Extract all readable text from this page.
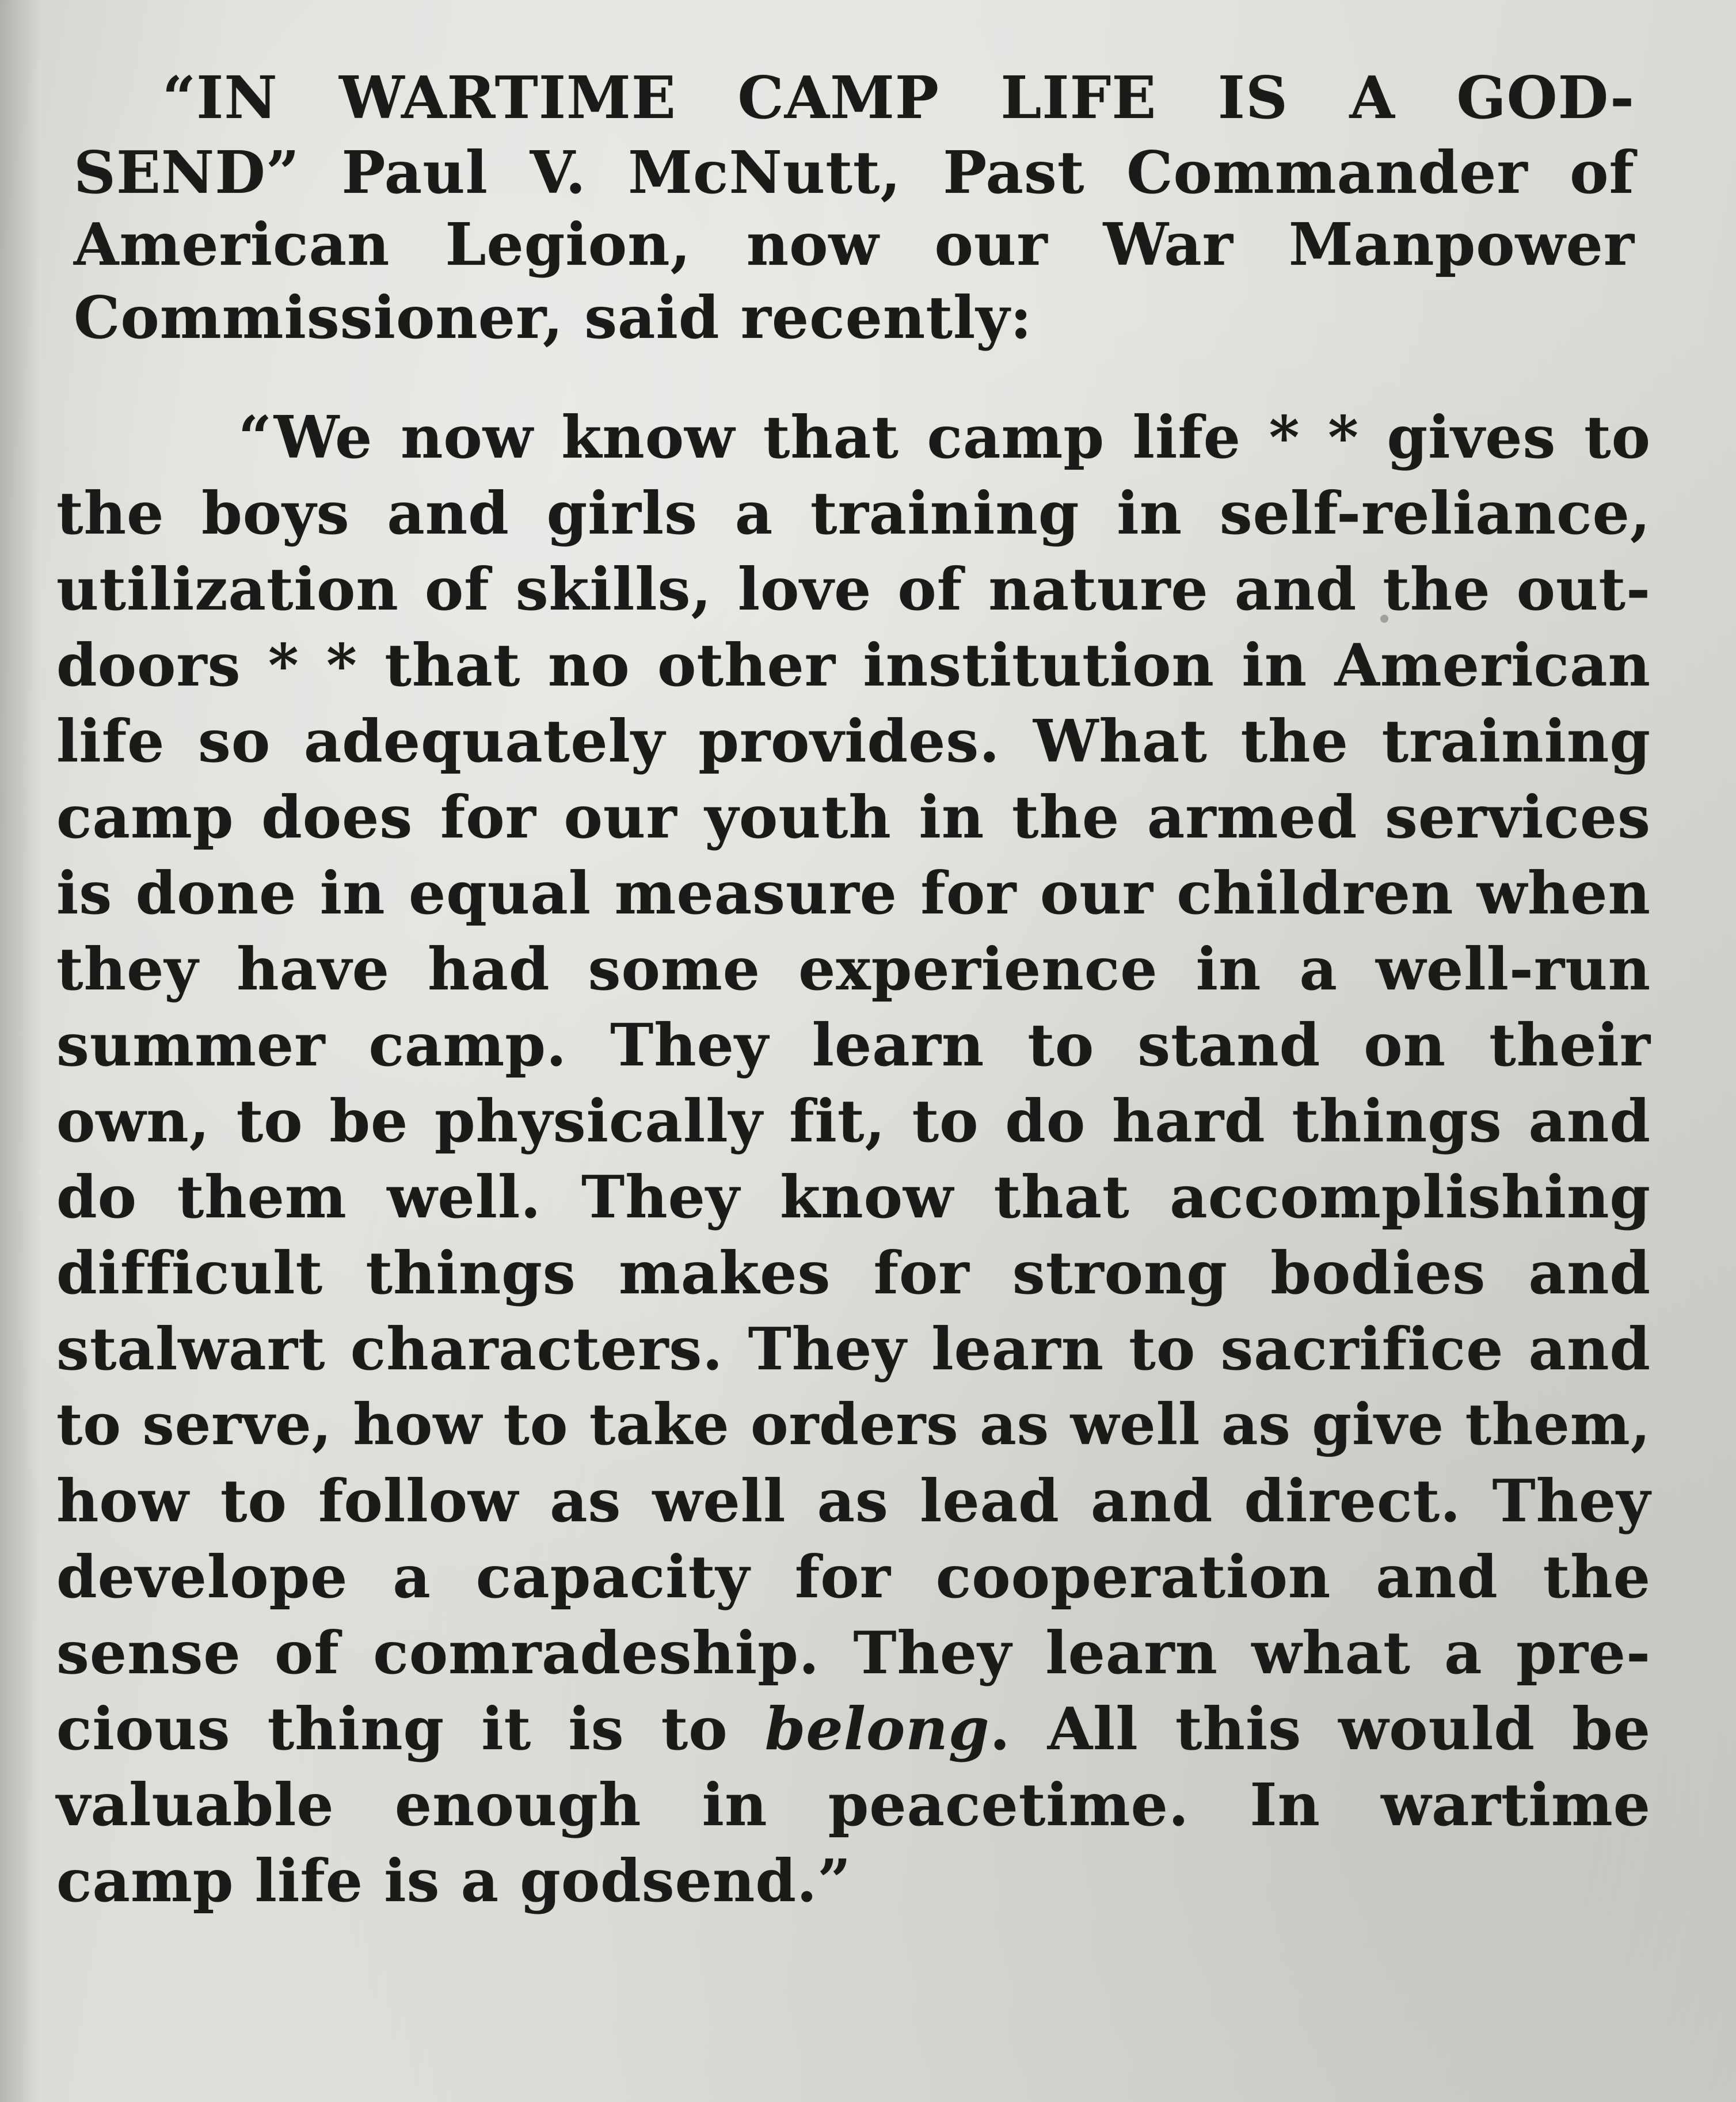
“IN WARTIME CAMP LIFE IS A GOD-
SEND” Paul V. McNutt, Past Commander of
American Legion, now our War Manpower
Commissioner, said recently:
“We now know that camp life * * gives to
the boys and girls a training in self-reliance,
utilization of skills, love of nature and the out-
doors * * that no other institution in American
life so adequately provides. What the training
camp does for our youth in the armed services
is done in equal measure for our children when
they have had some experience in a well-run
summer camp. They learn to stand on their
own, to be physically fit, to do hard things and
do them well. They know that accomplishing
difficult things makes for strong bodies and
stalwart characters. They learn to sacrifice and
to serve, how to take orders as well as give them,
how to follow as well as lead and direct. They
develope a capacity for cooperation and the
sense of comradeship. They learn what a pre-
cious thing it is to belong. All this would be
valuable enough in peacetime. In wartime
camp life is a godsend.”
